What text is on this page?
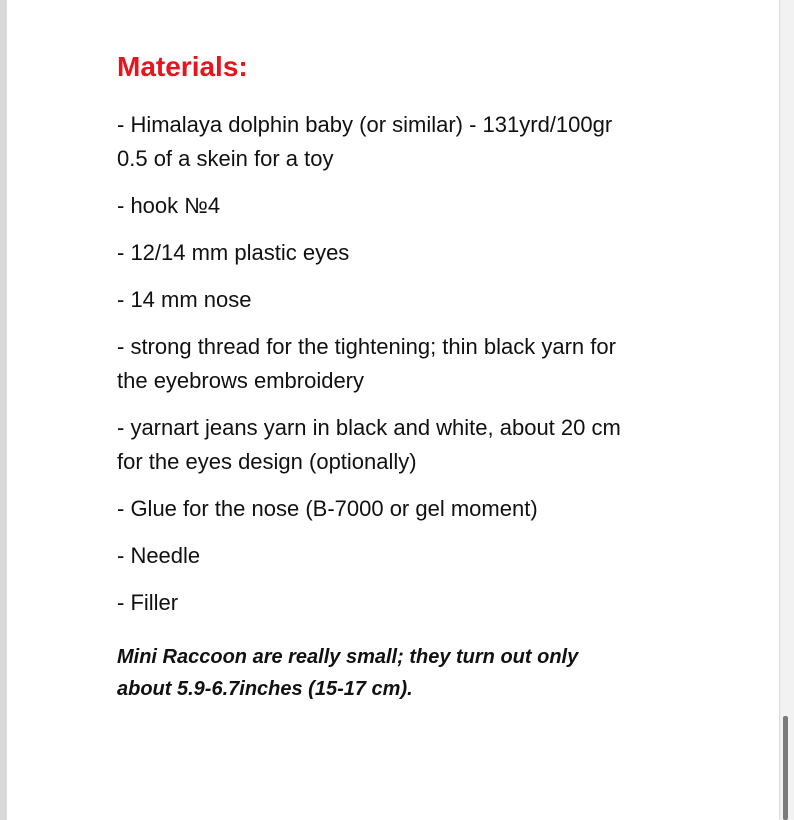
Materials:
- Himalaya dolphin baby (or similar) - 131yrd/100gr
0.5 of a skein for a toy
- hook №4
- 12/14 mm plastic eyes
- 14 mm nose
- strong thread for the tightening; thin black yarn for
the eyebrows embroidery
- yarnart jeans yarn in black and white, about 20 cm
for the eyes design (optionally)
- Glue for the nose (B-7000 or gel moment)
- Needle
- Filler

Mini Raccoon are really small; they turn out only
about 5.9-6.7inches (15-17 cm).
